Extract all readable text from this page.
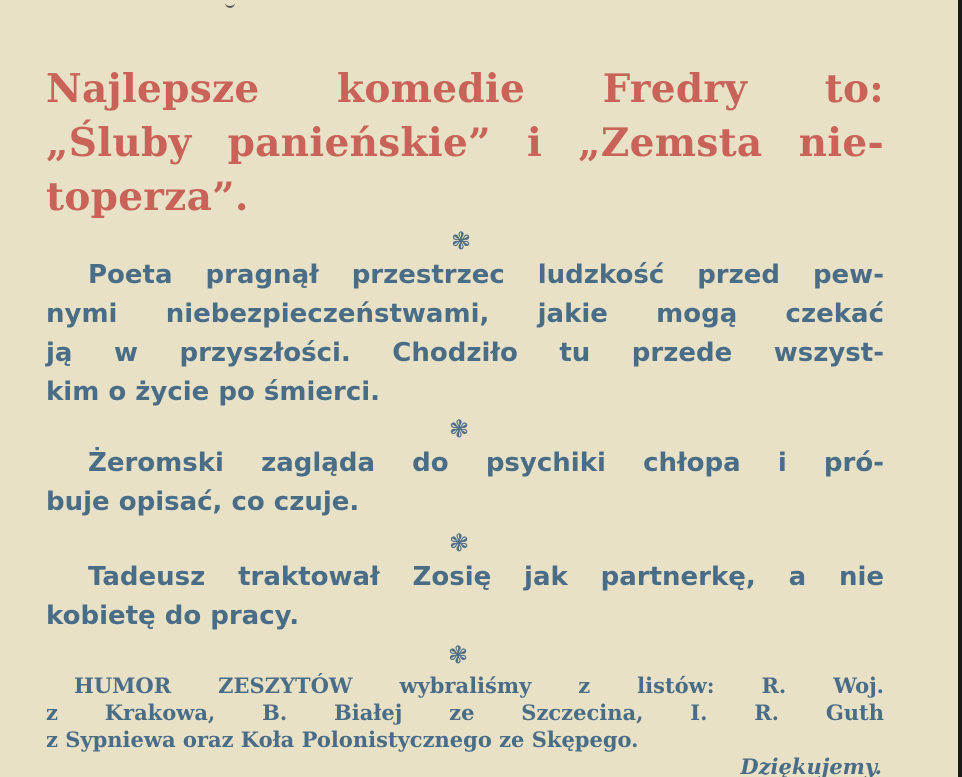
Najlepsze komedie Fredry to:
„Śluby panieńskie” i „Zemsta nie-
toperza”.
❃

Poeta pragnął przestrzec ludzkość przed pew-
nymi niebezpieczeństwami, jakie mogą czekać
ją w przyszłości. Chodziło tu przede wszyst-
kim o życie po śmierci.

❃

Żeromski zagląda do psychiki chłopa i pró-
buje opisać, co czuje.

❃

Tadeusz traktował Zosię jak partnerkę, a nie
kobietę do pracy.

❃

HUMOR ZESZYTÓW wybraliśmy z listów: R. Woj.
z Krakowa, B. Białej ze Szczecina, I. R. Guth
z Sypniewa oraz Koła Polonistycznego ze Skępego.
Dziękujemy.
